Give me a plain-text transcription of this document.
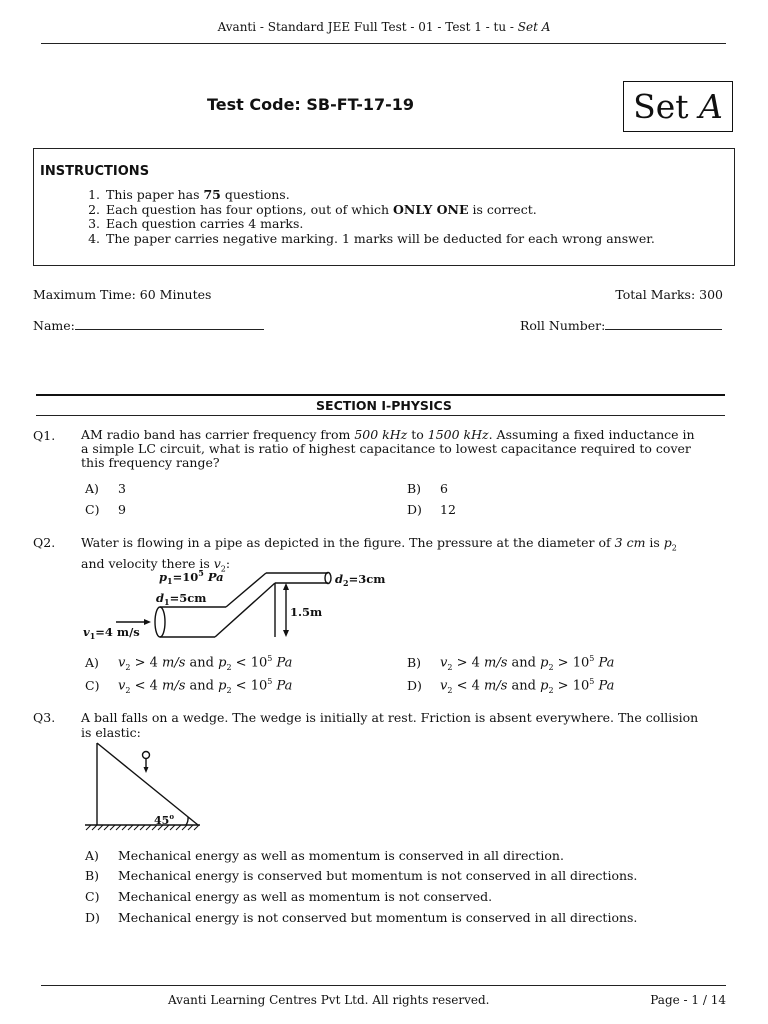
Avanti - Standard JEE Full Test - 01 - Test 1 - tu - Set A
Test Code: SB-FT-17-19	Set A
INSTRUCTIONS
1. This paper has 75 questions.
2. Each question has four options, out of which ONLY ONE is correct.
3. Each question carries 4 marks.
4. The paper carries negative marking. 1 marks will be deducted for each wrong answer.
Maximum Time: 60 Minutes	Total Marks: 300
Name:	Roll Number:
SECTION I-PHYSICS
Q1. AM radio band has carrier frequency from 500 kHz to 1500 kHz. Assuming a fixed inductance in
a simple LC circuit, what is ratio of highest capacitance to lowest capacitance required to cover
this frequency range?
A) 3	B) 6
C) 9	D) 12
Q2. Water is flowing in a pipe as depicted in the figure. The pressure at the diameter of 3 cm is $p_2$
and velocity there is $v_2$:
$p_1=10^5$ Pa
$d_1=5cm$
$d_2=3cm$
1.5m
$v_1=4$ m/s
A) $v_2 > 4$ m/s and $p_2 < 10^5$ Pa	B) $v_2 > 4$ m/s and $p_2 > 10^5$ Pa
C) $v_2 < 4$ m/s and $p_2 < 10^5$ Pa	D) $v_2 < 4$ m/s and $p_2 > 10^5$ Pa
Q3. A ball falls on a wedge. The wedge is initially at rest. Friction is absent everywhere. The collision
is elastic:
45$^o$
A) Mechanical energy as well as momentum is conserved in all direction.
B) Mechanical energy is conserved but momentum is not conserved in all directions.
C) Mechanical energy as well as momentum is not conserved.
D) Mechanical energy is not conserved but momentum is conserved in all directions.
Avanti Learning Centres Pvt Ltd. All rights reserved.	Page - 1 / 14
